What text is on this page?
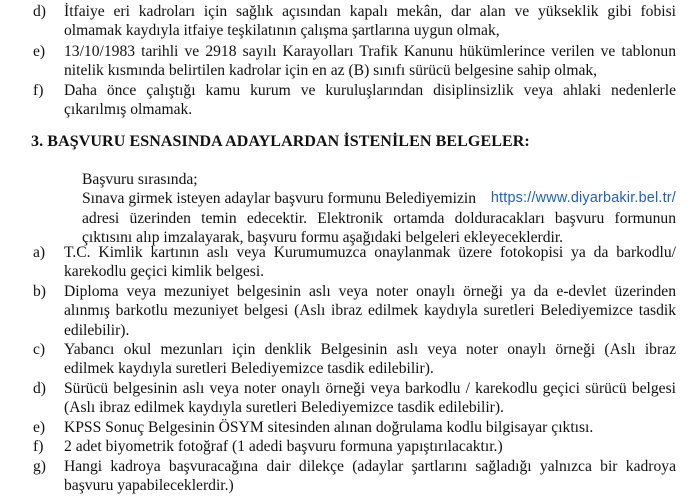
d) İtfaiye eri kadroları için sağlık açısından kapalı mekân, dar alan ve yükseklik gibi fobisi
olmamak kaydıyla itfaiye teşkilatının çalışma şartlarına uygun olmak,
e) 13/10/1983 tarihli ve 2918 sayılı Karayolları Trafik Kanunu hükümlerince verilen ve tablonun
nitelik kısmında belirtilen kadrolar için en az (B) sınıfı sürücü belgesine sahip olmak,
f) Daha önce çalıştığı kamu kurum ve kuruluşlarından disiplinsizlik veya ahlaki nedenlerle
çıkarılmış olmamak.
3. BAŞVURU ESNASINDA ADAYLARDAN İSTENİLEN BELGELER:
Başvuru sırasında;
Sınava girmek isteyen adaylar başvuru formunu Belediyemizin https://www.diyarbakir.bel.tr/
adresi üzerinden temin edecektir. Elektronik ortamda dolduracakları başvuru formunun
çıktısını alıp imzalayarak, başvuru formu aşağıdaki belgeleri ekleyeceklerdir.
a) T.C. Kimlik kartının aslı veya Kurumumuzca onaylanmak üzere fotokopisi ya da barkodlu/
karekodlu geçici kimlik belgesi.
b) Diploma veya mezuniyet belgesinin aslı veya noter onaylı örneği ya da e-devlet üzerinden
alınmış barkotlu mezuniyet belgesi (Aslı ibraz edilmek kaydıyla suretleri Belediyemizce tasdik
edilebilir).
c) Yabancı okul mezunları için denklik Belgesinin aslı veya noter onaylı örneği (Aslı ibraz
edilmek kaydıyla suretleri Belediyemizce tasdik edilebilir).
d) Sürücü belgesinin aslı veya noter onaylı örneği veya barkodlu / karekodlu geçici sürücü belgesi
(Aslı ibraz edilmek kaydıyla suretleri Belediyemizce tasdik edilebilir).
e) KPSS Sonuç Belgesinin ÖSYM sitesinden alınan doğrulama kodlu bilgisayar çıktısı.
f) 2 adet biyometrik fotoğraf (1 adedi başvuru formuna yapıştırılacaktır.)
g) Hangi kadroya başvuracağına dair dilekçe (adaylar şartlarını sağladığı yalnızca bir kadroya
başvuru yapabileceklerdir.)
